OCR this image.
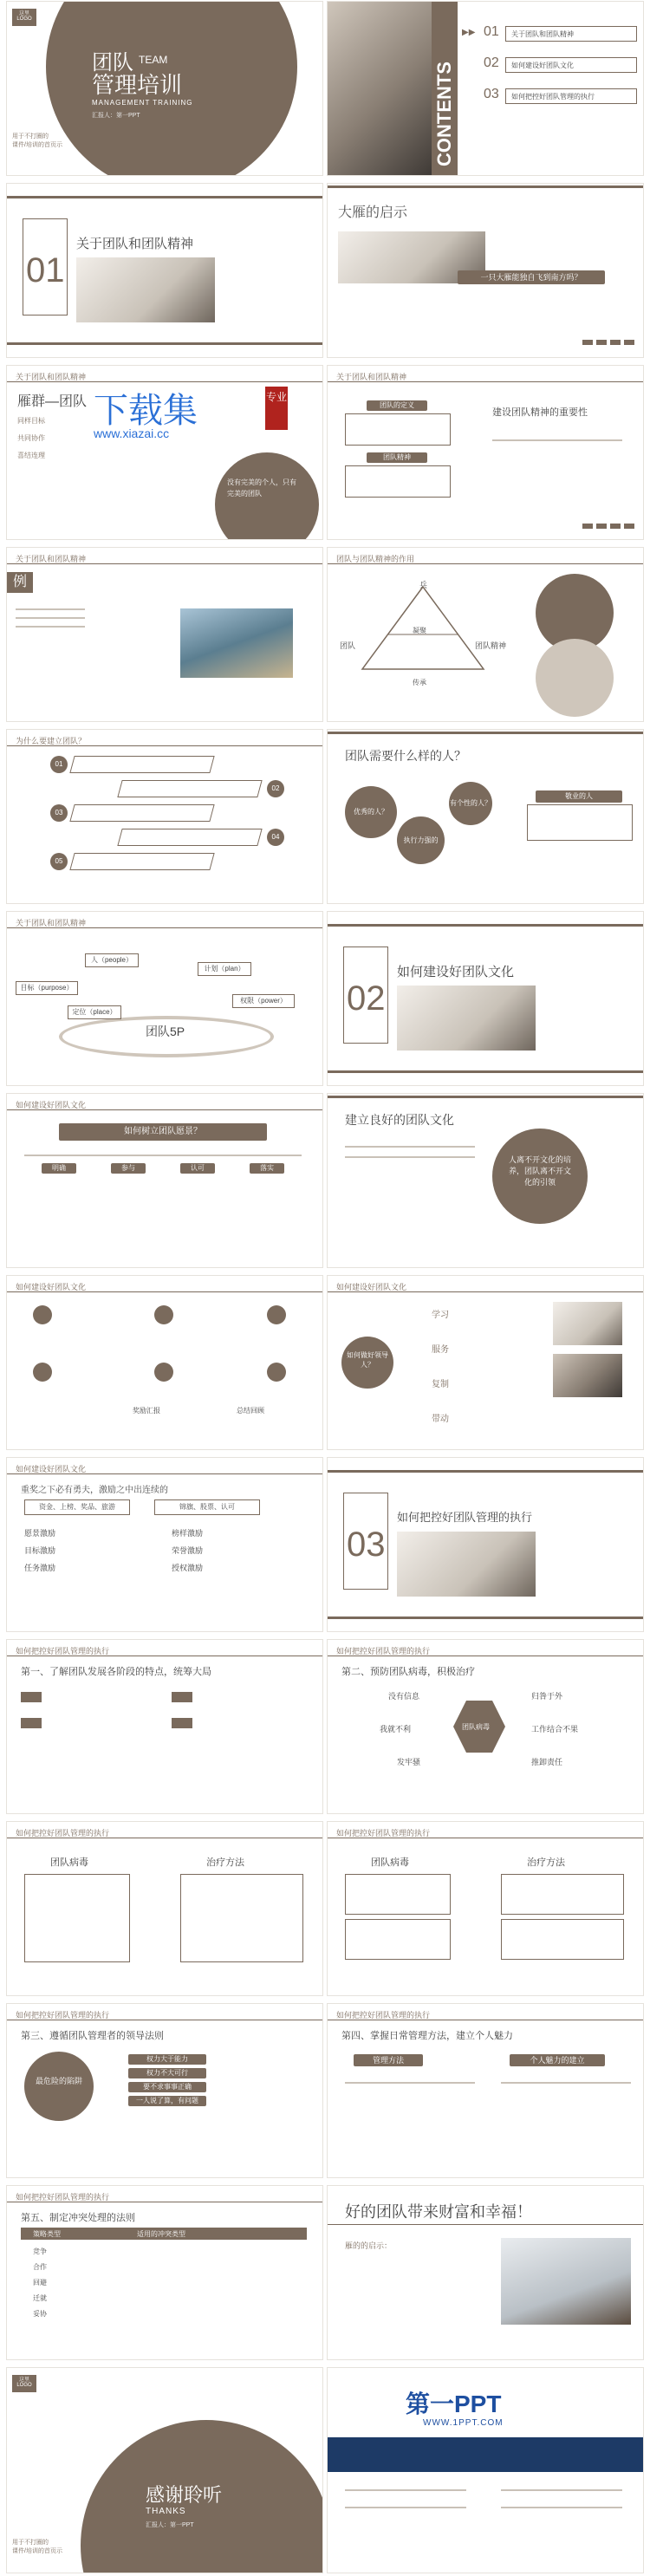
这里LOGO
团队 TEAM
管理培训
MANAGEMENT TRAINING
汇报人：第一PPT
用于不打圈的
课件/培训的首页示	CONTENTS
▶▶ 01 关于团队和团队精神
02 如何建设好团队文化
03 如何把控好团队管理的执行
01
关于团队和团队精神
大雁的启示
一只大雁能独自飞到南方吗？
关于团队和团队精神
雁群—团队
同样目标
共同协作
喜结连理
下载集
www.xiazai.cc
专业
没有完美的个人，只有完美的团队
关于团队和团队精神
团队的定义
团队精神
建设团队精神的重要性
关于团队和团队精神
例
团队与团队精神的作用
兵
团队	团队精神
凝聚
传承
为什么要建立团队？
01
02
03
04
05
团队需要什么样的人？
优秀的人？
执行力强的人？
有个性的人？
敬业的人
关于团队和团队精神
团队5P
人（people）
计划（plan）
目标（purpose）
权限（power）
定位（place）	02
如何建设好团队文化
如何建设好团队文化
如何树立团队愿景？
明确	参与	认可	落实
建立良好的团队文化
人离不开文化的培养，团队离不开文化的引领
如何建设好团队文化
奖励汇报	总结回顾
如何建设好团队文化
如何做好领导人？
学习
服务
复制
带动
如何建设好团队文化
重奖之下必有勇夫，激励之中出连续的
资金、上榜、奖品、旅游	锦旗、股票、认可
愿景激励
目标激励
任务激励
榜样激励
荣誉激励
授权激励
03
如何把控好团队管理的执行
如何把控好团队管理的执行
第一、了解团队发展各阶段的特点，统筹大局
如何把控好团队管理的执行
第二、预防团队病毒，积极治疗
团队病毒
没有信息
我就不利
发牢骚
归咎于外
工作结合不果
推卸责任
如何把控好团队管理的执行
团队病毒	治疗方法
如何把控好团队管理的执行
团队病毒	治疗方法
如何把控好团队管理的执行
第三、遵循团队管理者的领导法则
最危险的陷阱
权力大于能力
权力不大可行
要不求事事正确
一人说了算，有问题
如何把控好团队管理的执行
第四、掌握日常管理方法，建立个人魅力
管理方法	个人魅力的建立
如何把控好团队管理的执行
第五、制定冲突处理的法则
策略类型	适用的冲突类型
竞争
合作
回避
迁就
妥协
好的团队带来财富和幸福！
雁的的启示：
这里LOGO
感谢聆听
THANKS
汇报人：第一PPT
用于不打圈的
课件/培训的首页示
第一PPT
WWW.1PPT.COM
